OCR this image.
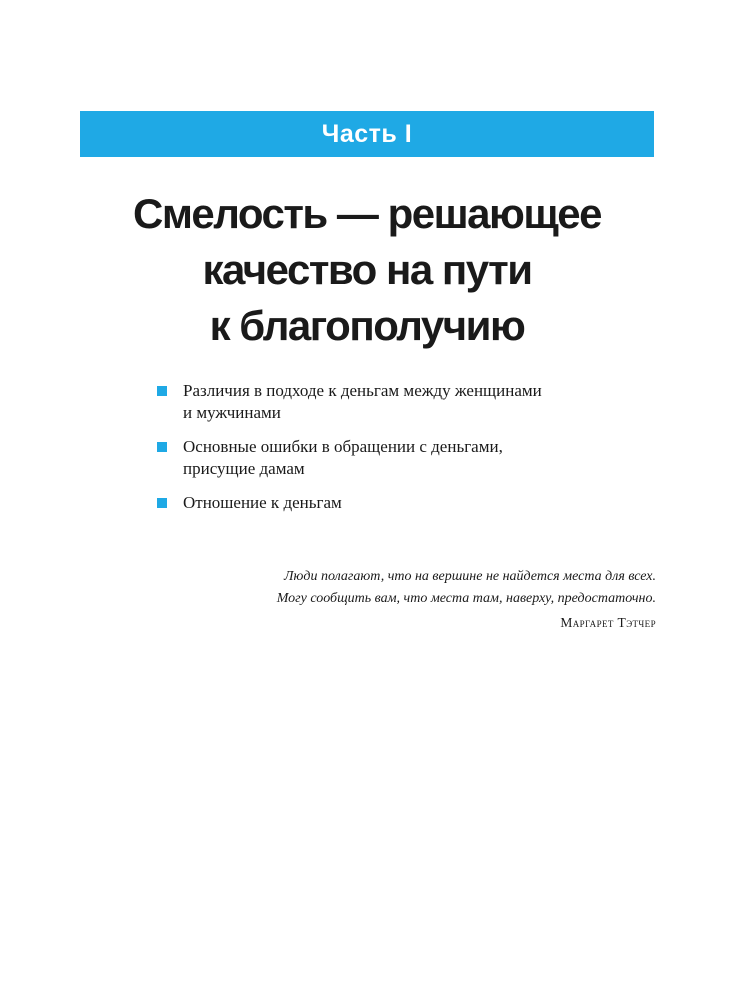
Часть I
Смелость — решающее
качество на пути
к благополучию
Различия в подходе к деньгам между женщинами
и мужчинами
Основные ошибки в обращении с деньгами,
присущие дамам
Отношение к деньгам
Люди полагают, что на вершине не найдется места для всех.
Могу сообщить вам, что места там, наверху, предостаточно.
Маргарет Тэтчер
